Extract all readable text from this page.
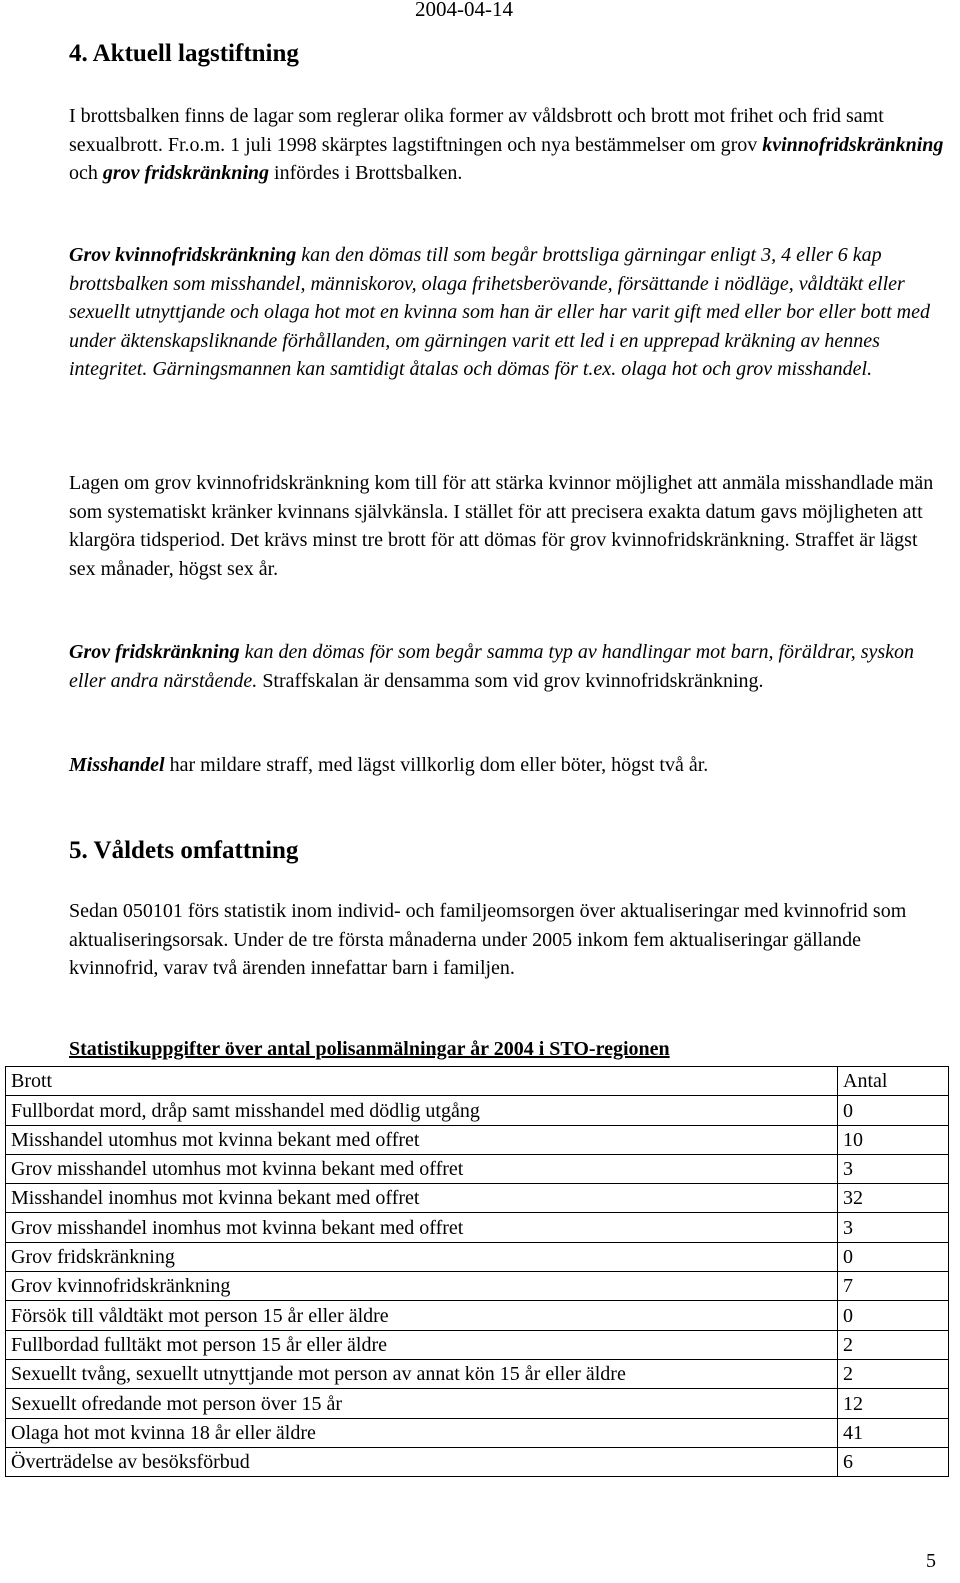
2004-04-14
4. Aktuell lagstiftning

I brottsbalken finns de lagar som reglerar olika former av våldsbrott och brott mot frihet och frid samt sexualbrott. Fr.o.m. 1 juli 1998 skärptes lagstiftningen och nya bestämmelser om grov kvinnofridskränkning och grov fridskränkning infördes i Brottsbalken.

Grov kvinnofridskränkning kan den dömas till som begår brottsliga gärningar enligt 3, 4 eller 6 kap brottsbalken som misshandel, människorov, olaga frihetsberövande, försättande i nödläge, våldtäkt eller sexuellt utnyttjande och olaga hot mot en kvinna som han är eller har varit gift med eller bor eller bott med under äktenskapsliknande förhållanden, om gärningen varit ett led i en upprepad kräkning av hennes integritet. Gärningsmannen kan samtidigt åtalas och dömas för t.ex. olaga hot och grov misshandel.

Lagen om grov kvinnofridskränkning kom till för att stärka kvinnor möjlighet att anmäla misshandlade män som systematiskt kränker kvinnans självkänsla. I stället för att precisera exakta datum gavs möjligheten att klargöra tidsperiod. Det krävs minst tre brott för att dömas för grov kvinnofridskränkning. Straffet är lägst sex månader, högst sex år.

Grov fridskränkning kan den dömas för som begår samma typ av handlingar mot barn, föräldrar, syskon eller andra närstående. Straffskalan är densamma som vid grov kvinnofridskränkning.

Misshandel har mildare straff, med lägst villkorlig dom eller böter, högst två år.

5. Våldets omfattning

Sedan 050101 förs statistik inom individ- och familjeomsorgen över aktualiseringar med kvinnofrid som aktualiseringsorsak. Under de tre första månaderna under 2005 inkom fem aktualiseringar gällande kvinnofrid, varav två ärenden innefattar barn i familjen.

Statistikuppgifter över antal polisanmälningar år 2004 i STO-regionen
Brott	Antal
Fullbordat mord, dråp samt misshandel med dödlig utgång	0
Misshandel utomhus mot kvinna bekant med offret	10
Grov misshandel utomhus mot kvinna bekant med offret	3
Misshandel inomhus mot kvinna bekant med offret	32
Grov misshandel inomhus mot kvinna bekant med offret	3
Grov fridskränkning	0
Grov kvinnofridskränkning	7
Försök till våldtäkt mot person 15 år eller äldre	0
Fullbordad fulltäkt mot person 15 år eller äldre	2
Sexuellt tvång, sexuellt utnyttjande mot person av annat kön 15 år eller äldre	2
Sexuellt ofredande mot person över 15 år	12
Olaga hot mot kvinna 18 år eller äldre	41
Överträdelse av besöksförbud	6
5
